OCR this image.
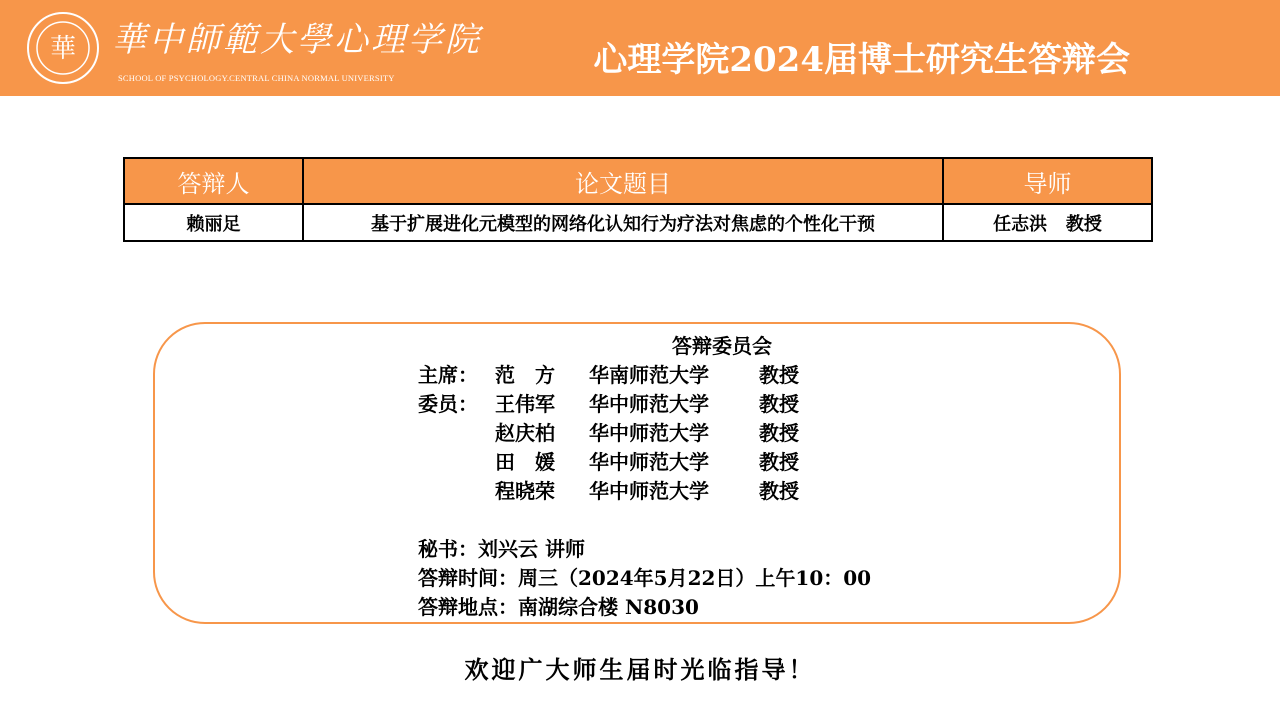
華 華中師範大學心理学院
SCHOOL OF PSYCHOLOGY.CENTRAL CHINA NORMAL UNIVERSITY	心理学院2024届博士研究生答辩会
答辩人	论文题目	导师
赖丽足	基于扩展进化元模型的网络化认知行为疗法对焦虑的个性化干预	任志洪   教授
答辩委员会
主席： 范　方 华南师范大学	教授
委员： 王伟军 华中师范大学	教授
赵庆柏 华中师范大学	教授
田　媛 华中师范大学	教授
程晓荣 华中师范大学	教授
秘书：刘兴云 讲师
答辩时间：周三（2024年5月22日）上午10：00
答辩地点：南湖综合楼 N8030
欢迎广大师生届时光临指导！
